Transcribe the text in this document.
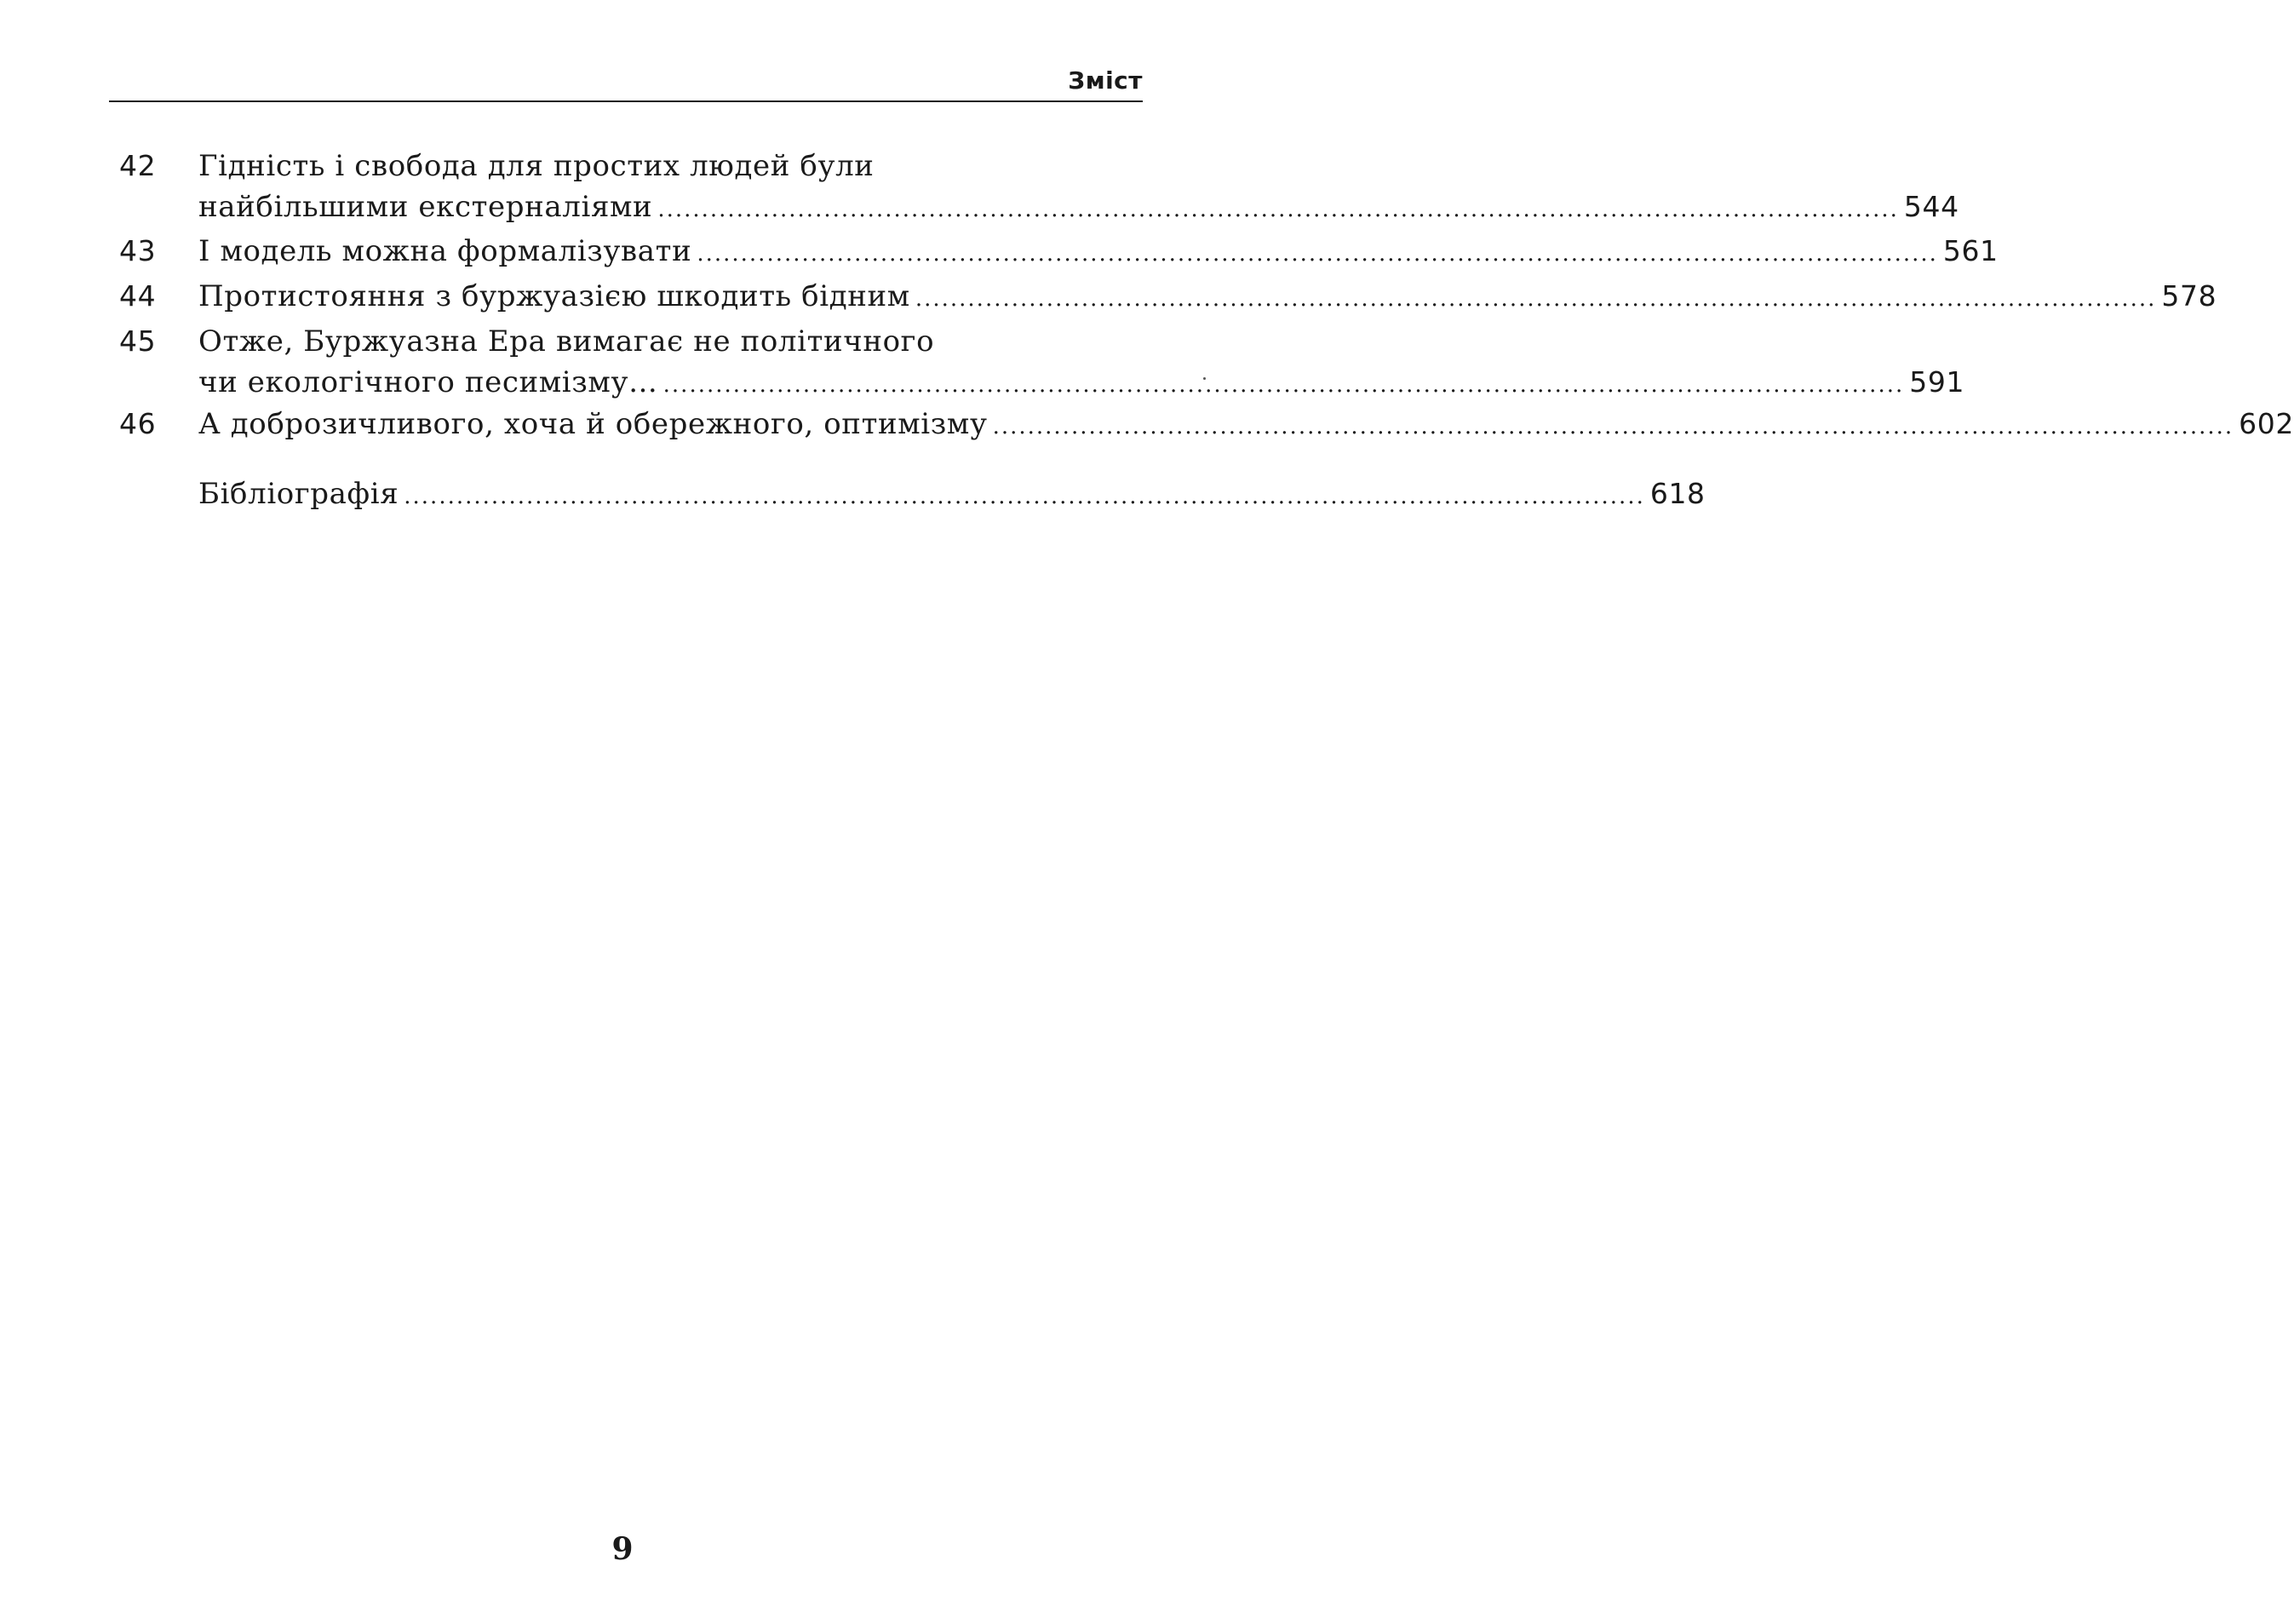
Зміст
42 Гідність і свобода для простих людей були
найбільшими екстерналіями .............................................................................................................................................. 544
43 І модель можна формалізувати .............................................................................................................................................. 561
44 Протистояння з буржуазією шкодить бідним .............................................................................................................................................. 578
45 Отже, Буржуазна Ера вимагає не політичного
чи екологічного песимізму… .............................................................................................................................................. 591
46 А доброзичливого, хоча й обережного, оптимізму .............................................................................................................................................. 602
Бібліографія .............................................................................................................................................. 618
9
